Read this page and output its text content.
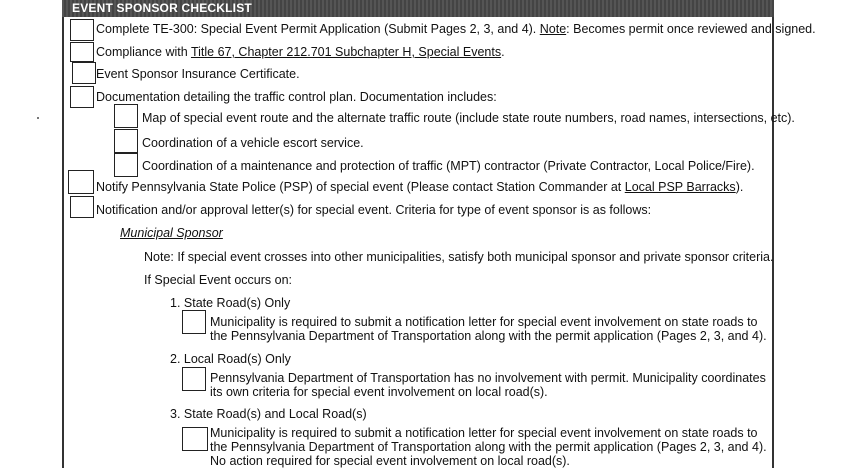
EVENT SPONSOR CHECKLIST
Complete TE-300: Special Event Permit Application (Submit Pages 2, 3, and 4). Note: Becomes permit once reviewed and signed.
Compliance with Title 67, Chapter 212.701 Subchapter H, Special Events.
Event Sponsor Insurance Certificate.
Documentation detailing the traffic control plan. Documentation includes:
Map of special event route and the alternate traffic route (include state route numbers, road names, intersections, etc).
Coordination of a vehicle escort service.
Coordination of a maintenance and protection of traffic (MPT) contractor (Private Contractor, Local Police/Fire).
Notify Pennsylvania State Police (PSP) of special event (Please contact Station Commander at Local PSP Barracks).
Notification and/or approval letter(s) for special event. Criteria for type of event sponsor is as follows:
Municipal Sponsor
Note: If special event crosses into other municipalities, satisfy both municipal sponsor and private sponsor criteria.
If Special Event occurs on:
1. State Road(s) Only
Municipality is required to submit a notification letter for special event involvement on state roads to
the Pennsylvania Department of Transportation along with the permit application (Pages 2, 3, and 4).
2. Local Road(s) Only
Pennsylvania Department of Transportation has no involvement with permit. Municipality coordinates
its own criteria for special event involvement on local road(s).
3. State Road(s) and Local Road(s)
Municipality is required to submit a notification letter for special event involvement on state roads to
the Pennsylvania Department of Transportation along with the permit application (Pages 2, 3, and 4).
No action required for special event involvement on local road(s).
